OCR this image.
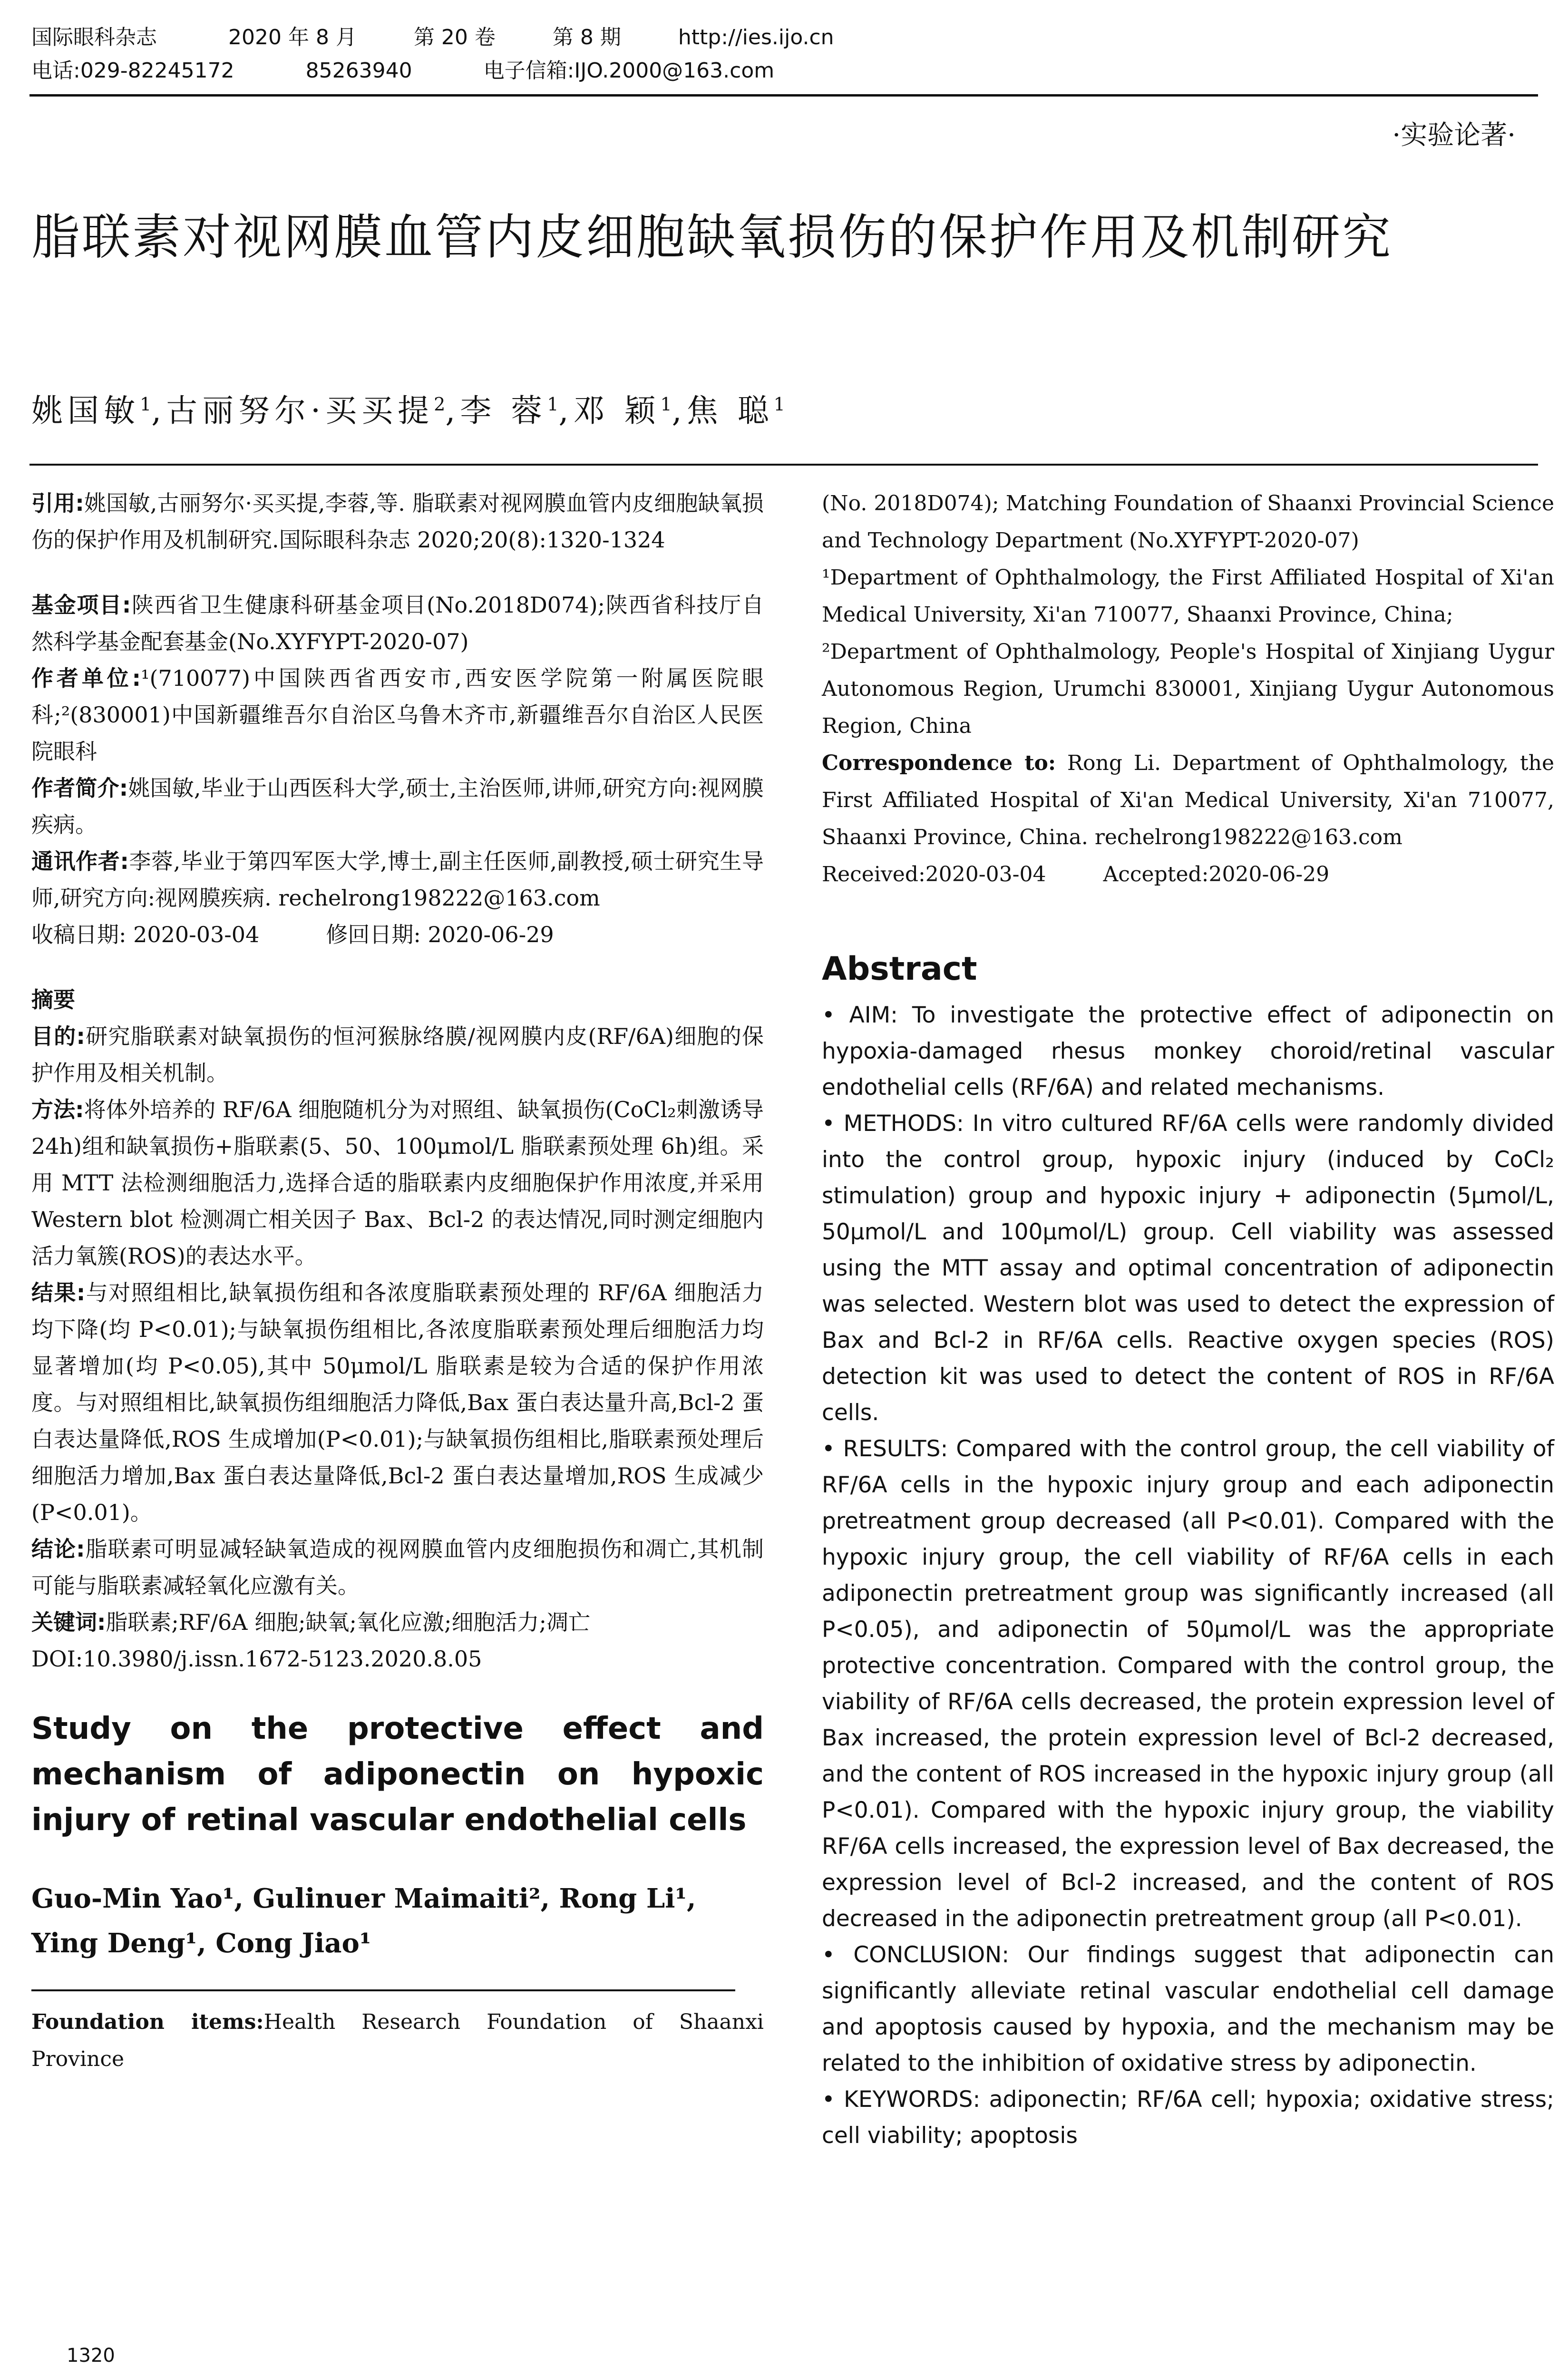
国际眼科杂志	2020 年 8 月	第 20 卷	第 8 期	http://ies.ijo.cn
电话:029-82245172	85263940	电子信箱:IJO.2000@163.com
·实验论著·
脂联素对视网膜血管内皮细胞缺氧损伤的保护作用及机制研究
姚国敏$^1$,古丽努尔·买买提$^2$,李 蓉$^1$,邓 颖$^1$,焦 聪$^1$
引用:姚国敏,古丽努尔·买买提,李蓉,等. 脂联素对视网膜血管内皮细胞缺氧损伤的保护作用及机制研究.国际眼科杂志 2020;20(8):1320-1324
基金项目:陕西省卫生健康科研基金项目(No.2018D074);陕西省科技厅自然科学基金配套基金(No.XYFYPT-2020-07)
作者单位:¹(710077)中国陕西省西安市,西安医学院第一附属医院眼科;²(830001)中国新疆维吾尔自治区乌鲁木齐市,新疆维吾尔自治区人民医院眼科
作者简介:姚国敏,毕业于山西医科大学,硕士,主治医师,讲师,研究方向:视网膜疾病。
通讯作者:李蓉,毕业于第四军医大学,博士,副主任医师,副教授,硕士研究生导师,研究方向:视网膜疾病. rechelrong198222@163.com
收稿日期: 2020-03-04	修回日期: 2020-06-29
摘要
目的:研究脂联素对缺氧损伤的恒河猴脉络膜/视网膜内皮(RF/6A)细胞的保护作用及相关机制。
方法:将体外培养的 RF/6A 细胞随机分为对照组、缺氧损伤(CoCl₂刺激诱导 24h)组和缺氧损伤+脂联素(5、50、100μmol/L 脂联素预处理 6h)组。采用 MTT 法检测细胞活力,选择合适的脂联素内皮细胞保护作用浓度,并采用 Western blot 检测凋亡相关因子 Bax、Bcl-2 的表达情况,同时测定细胞内活力氧簇(ROS)的表达水平。
结果:与对照组相比,缺氧损伤组和各浓度脂联素预处理的 RF/6A 细胞活力均下降(均 P<0.01);与缺氧损伤组相比,各浓度脂联素预处理后细胞活力均显著增加(均 P<0.05),其中 50μmol/L 脂联素是较为合适的保护作用浓度。与对照组相比,缺氧损伤组细胞活力降低,Bax 蛋白表达量升高,Bcl-2 蛋白表达量降低,ROS 生成增加(P<0.01);与缺氧损伤组相比,脂联素预处理后细胞活力增加,Bax 蛋白表达量降低,Bcl-2 蛋白表达量增加,ROS 生成减少(P<0.01)。
结论:脂联素可明显减轻缺氧造成的视网膜血管内皮细胞损伤和凋亡,其机制可能与脂联素减轻氧化应激有关。
关键词:脂联素;RF/6A 细胞;缺氧;氧化应激;细胞活力;凋亡
DOI:10.3980/j.issn.1672-5123.2020.8.05
Study on the protective effect and mechanism of adiponectin on hypoxic injury of retinal vascular endothelial cells
Guo-Min Yao¹, Gulinuer Maimaiti², Rong Li¹, Ying Deng¹, Cong Jiao¹
Foundation items:Health Research Foundation of Shaanxi Province
(No. 2018D074); Matching Foundation of Shaanxi Provincial Science and Technology Department (No.XYFYPT-2020-07)
¹Department of Ophthalmology, the First Affiliated Hospital of Xi'an Medical University, Xi'an 710077, Shaanxi Province, China;
²Department of Ophthalmology, People's Hospital of Xinjiang Uygur Autonomous Region, Urumchi 830001, Xinjiang Uygur Autonomous Region, China
Correspondence to: Rong Li. Department of Ophthalmology, the First Affiliated Hospital of Xi'an Medical University, Xi'an 710077, Shaanxi Province, China. rechelrong198222@163.com
Received:2020-03-04	Accepted:2020-06-29
Abstract

• AIM: To investigate the protective effect of adiponectin on hypoxia-damaged rhesus monkey choroid/retinal vascular endothelial cells (RF/6A) and related mechanisms.

• METHODS: In vitro cultured RF/6A cells were randomly divided into the control group, hypoxic injury (induced by CoCl₂ stimulation) group and hypoxic injury + adiponectin (5μmol/L, 50μmol/L and 100μmol/L) group. Cell viability was assessed using the MTT assay and optimal concentration of adiponectin was selected. Western blot was used to detect the expression of Bax and Bcl-2 in RF/6A cells. Reactive oxygen species (ROS) detection kit was used to detect the content of ROS in RF/6A cells.

• RESULTS: Compared with the control group, the cell viability of RF/6A cells in the hypoxic injury group and each adiponectin pretreatment group decreased (all P<0.01). Compared with the hypoxic injury group, the cell viability of RF/6A cells in each adiponectin pretreatment group was significantly increased (all P<0.05), and adiponectin of 50μmol/L was the appropriate protective concentration. Compared with the control group, the viability of RF/6A cells decreased, the protein expression level of Bax increased, the protein expression level of Bcl-2 decreased, and the content of ROS increased in the hypoxic injury group (all P<0.01). Compared with the hypoxic injury group, the viability RF/6A cells increased, the expression level of Bax decreased, the expression level of Bcl-2 increased, and the content of ROS decreased in the adiponectin pretreatment group (all P<0.01).

• CONCLUSION: Our findings suggest that adiponectin can significantly alleviate retinal vascular endothelial cell damage and apoptosis caused by hypoxia, and the mechanism may be related to the inhibition of oxidative stress by adiponectin.

• KEYWORDS: adiponectin; RF/6A cell; hypoxia; oxidative stress; cell viability; apoptosis

1320
